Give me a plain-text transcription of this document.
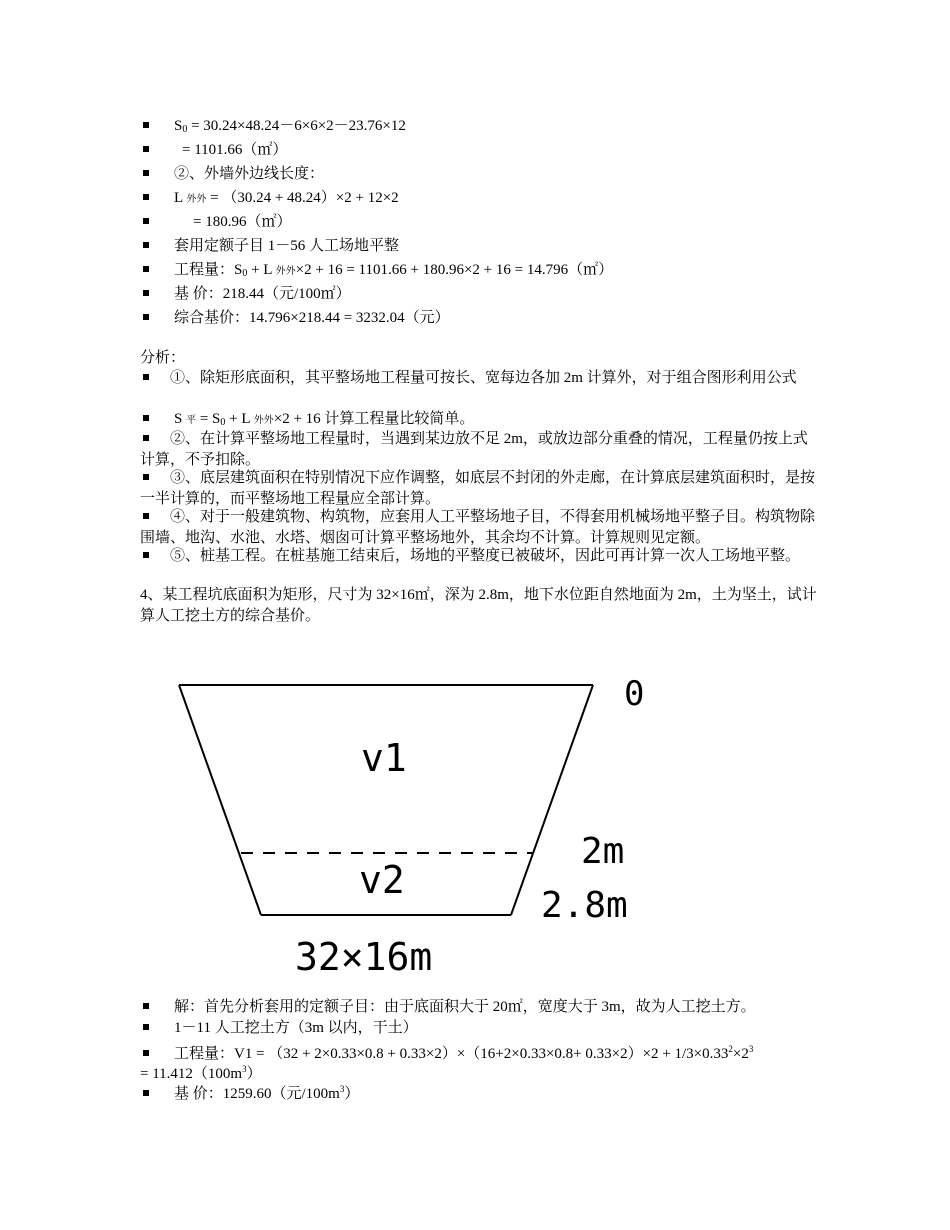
$S_0 = 30.24\times 48.24-6\times 6\times 2-23.76\times 12$
= 1101.66（㎡）
②、外墙外边线长度：
L 外外 = （30.24 + 48.24）×2 + 12×2
= 180.96（㎡）
套用定额子目 1－56 人工场地平整
工程量：$S_0 + L$ 外外×2 + 16 = 1101.66 + 180.96×2 + 16 = 14.796（㎡）
基 价：218.44（元/100㎡）
综合基价：14.796×218.44 = 3232.04（元）
分析：
①、除矩形底面积，其平整场地工程量可按长、宽每边各加 2m 计算外，对于组合图形利用公式
S 平 = $S_0 + L$ 外外×2 + 16 计算工程量比较简单。
②、在计算平整场地工程量时，当遇到某边放不足 2m，或放边部分重叠的情况，工程量仍按上式计算，不予扣除。
③、底层建筑面积在特别情况下应作调整，如底层不封闭的外走廊，在计算底层建筑面积时，是按一半计算的，而平整场地工程量应全部计算。
④、对于一般建筑物、构筑物，应套用人工平整场地子目，不得套用机械场地平整子目。构筑物除围墙、地沟、水池、水塔、烟囱可计算平整场地外，其余均不计算。计算规则见定额。
⑤、桩基工程。在桩基施工结束后，场地的平整度已被破坏，因此可再计算一次人工场地平整。
4、某工程坑底面积为矩形，尺寸为 32×16㎡，深为 2.8m，地下水位距自然地面为 2m，土为坚土，试计算人工挖土方的综合基价。
0
v1
v2
2m
2.8m
32×16m
解：首先分析套用的定额子目：由于底面积大于 20㎡，宽度大于 3m，故为人工挖土方。
1－11 人工挖土方（3m 以内，干土）
工程量：$V1 = (32 + 2\times 0.33\times 0.8 + 0.33\times 2)\times(16+2\times 0.33\times 0.8+ 0.33\times 2)\times 2 + 1/3\times 0.33^2\times 2^3$
= $11.412(100m^3)$
基 价：1259.60（元$/100m^3$）
